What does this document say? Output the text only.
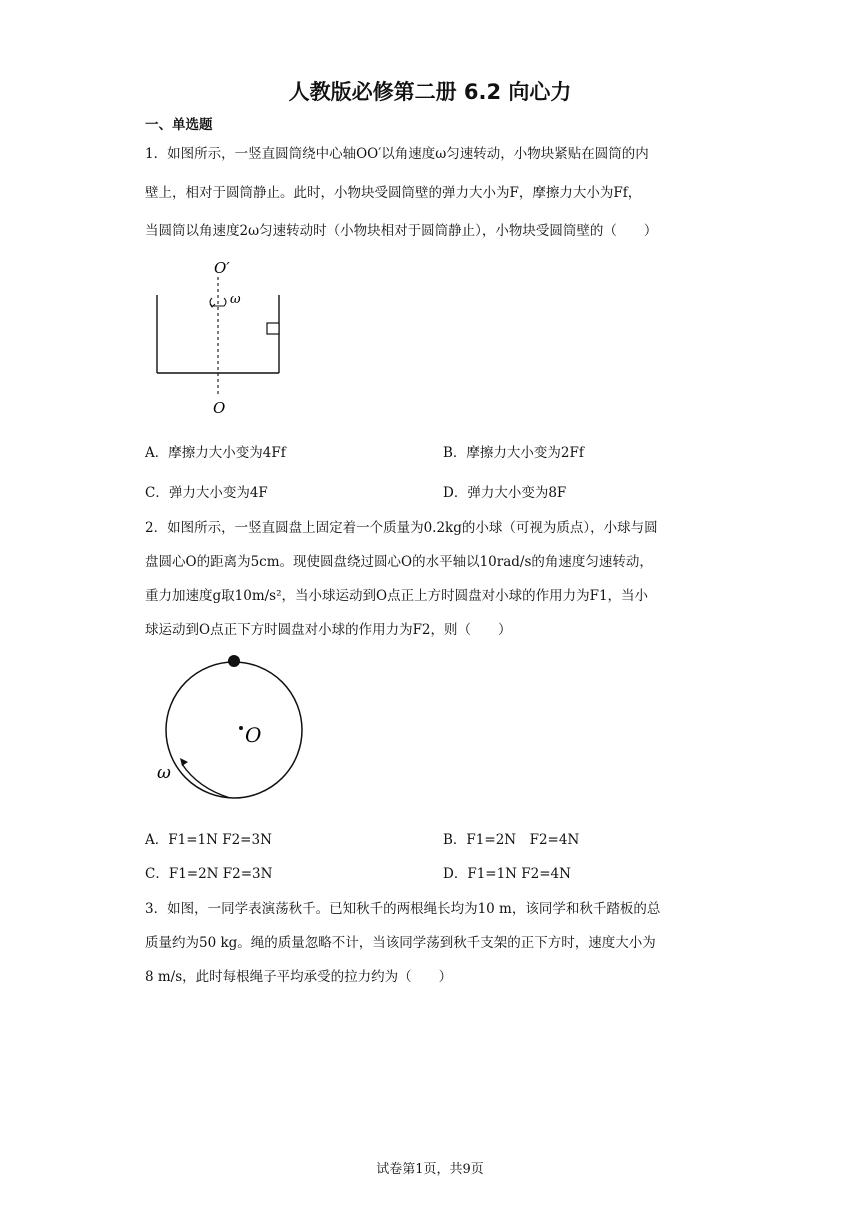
人教版必修第二册 6.2 向心力
一、单选题
1．如图所示，一竖直圆筒绕中心轴OO′以角速度ω匀速转动，小物块紧贴在圆筒的内
壁上，相对于圆筒静止。此时，小物块受圆筒壁的弹力大小为F，摩擦力大小为Ff，
当圆筒以角速度2ω匀速转动时（小物块相对于圆筒静止），小物块受圆筒壁的（　　）
O′
ω
O
A．摩擦力大小变为4Ff	B．摩擦力大小变为2Ff
C．弹力大小变为4F	D．弹力大小变为8F
2．如图所示，一竖直圆盘上固定着一个质量为0.2kg的小球（可视为质点），小球与圆
盘圆心O的距离为5cm。现使圆盘绕过圆心O的水平轴以10rad/s的角速度匀速转动，
重力加速度g取10m/s²，当小球运动到O点正上方时圆盘对小球的作用力为F1，当小
球运动到O点正下方时圆盘对小球的作用力为F2，则（　　）
O
ω
A．F1=1N F2=3N	B．F1=2N　F2=4N
C．F1=2N F2=3N	D．F1=1N F2=4N
3．如图，一同学表演荡秋千。已知秋千的两根绳长均为10 m，该同学和秋千踏板的总
质量约为50 kg。绳的质量忽略不计，当该同学荡到秋千支架的正下方时，速度大小为
8 m/s，此时每根绳子平均承受的拉力约为（　　）
试卷第1页，共9页
